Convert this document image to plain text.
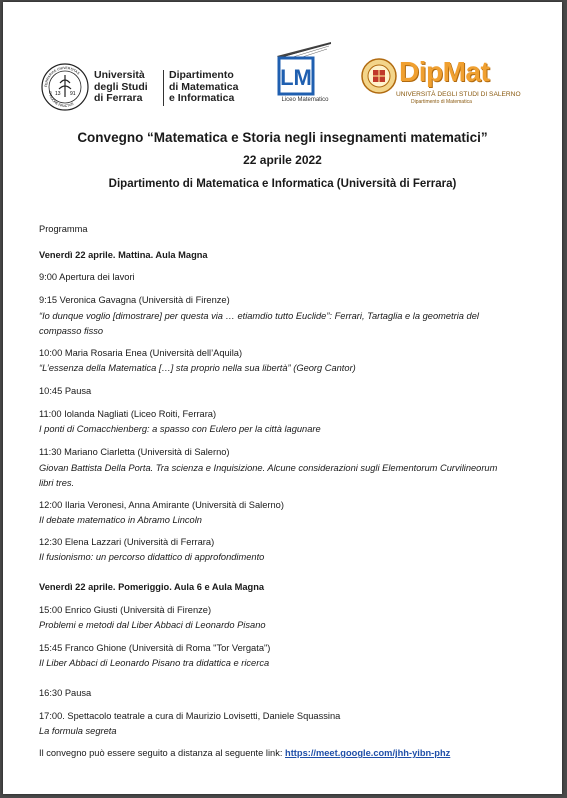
13 91
FERRARIAE UNIVERSITAS
CANDORE FRUCTUS
Università
degli Studi
di Ferrara
Dipartimento
di Matematica
e Informatica
LM
Liceo Matematico
DipMat
UNIVERSITÀ DEGLI STUDI DI SALERNO
Dipartimento di Matematica
Convegno “Matematica e Storia negli insegnamenti matematici”
22 aprile 2022
Dipartimento di Matematica e Informatica (Università di Ferrara)
Programma
Venerdì 22 aprile. Mattina. Aula Magna
9:00 Apertura dei lavori
9:15 Veronica Gavagna (Università di Firenze)
“Io dunque voglio [dimostrare] per questa via … etiamdio tutto Euclide”: Ferrari, Tartaglia e la geometria del compasso fisso
10:00 Maria Rosaria Enea (Università dell’Aquila)
“L’essenza della Matematica […] sta proprio nella sua libertà” (Georg Cantor)
10:45 Pausa
11:00 Iolanda Nagliati (Liceo Roiti, Ferrara)
I ponti di Comacchienberg: a spasso con Eulero per la città lagunare
11:30 Mariano Ciarletta (Università di Salerno)
Giovan Battista Della Porta. Tra scienza e Inquisizione. Alcune considerazioni sugli Elementorum Curvilineorum libri tres.
12:00 Ilaria Veronesi, Anna Amirante (Università di Salerno)
Il debate matematico in Abramo Lincoln
12:30 Elena Lazzari (Università di Ferrara)
Il fusionismo: un percorso didattico di approfondimento
Venerdì 22 aprile. Pomeriggio. Aula 6 e Aula Magna
15:00 Enrico Giusti (Università di Firenze)
Problemi e metodi dal Liber Abbaci di Leonardo Pisano
15:45 Franco Ghione (Università di Roma "Tor Vergata")
Il Liber Abbaci di Leonardo Pisano tra didattica e ricerca
16:30 Pausa
17:00. Spettacolo teatrale a cura di Maurizio Lovisetti, Daniele Squassina
La formula segreta
Il convegno può essere seguito a distanza al seguente link: https://meet.google.com/jhh-yibn-phz
